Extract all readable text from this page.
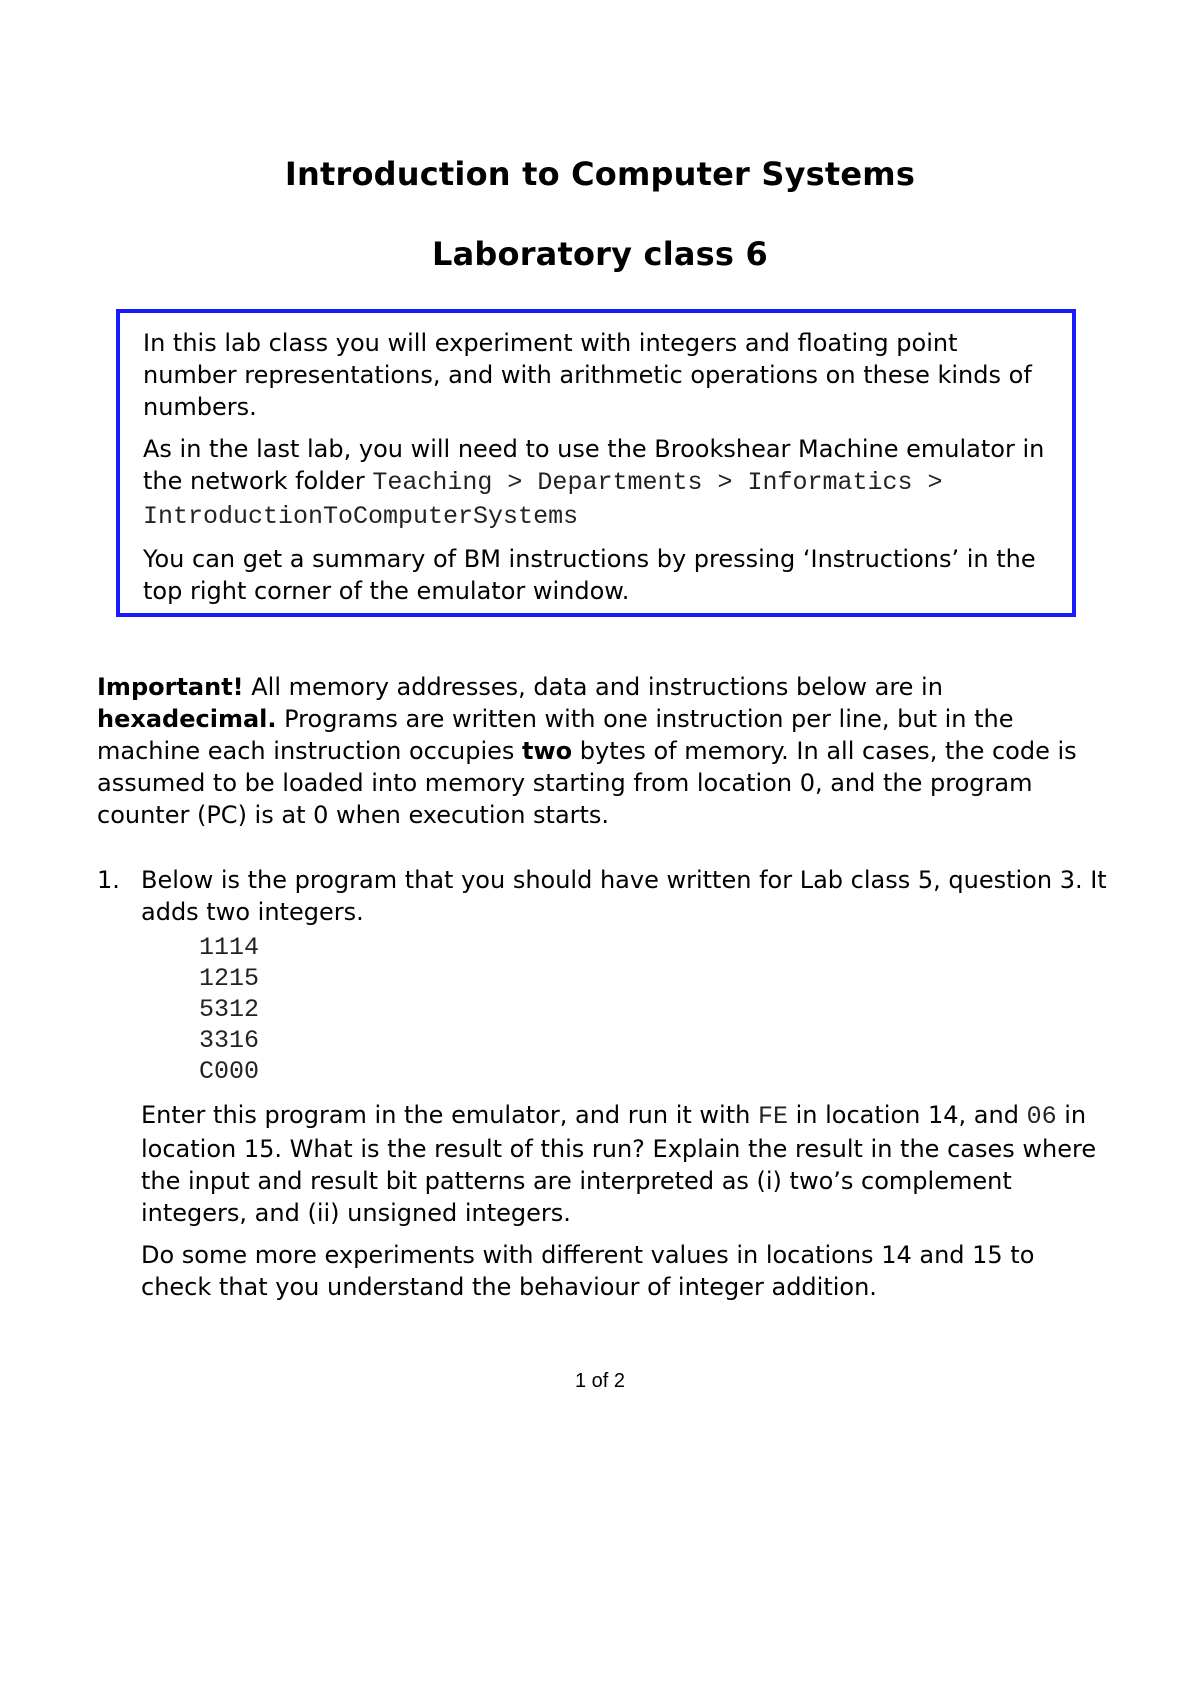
Introduction to Computer Systems
Laboratory class 6

In this lab class you will experiment with integers and floating point number representations, and with arithmetic operations on these kinds of numbers.

As in the last lab, you will need to use the Brookshear Machine emulator in the network folder Teaching > Departments > Informatics > IntroductionToComputerSystems

You can get a summary of BM instructions by pressing ‘Instructions’ in the top right corner of the emulator window.

Important! All memory addresses, data and instructions below are in hexadecimal. Programs are written with one instruction per line, but in the machine each instruction occupies two bytes of memory. In all cases, the code is assumed to be loaded into memory starting from location 0, and the program counter (PC) is at 0 when execution starts.

1. Below is the program that you should have written for Lab class 5, question 3. It adds two integers.

1114
1215
5312
3316
C000

Enter this program in the emulator, and run it with FE in location 14, and 06 in location 15. What is the result of this run? Explain the result in the cases where the input and result bit patterns are interpreted as (i) two’s complement integers, and (ii) unsigned integers.

Do some more experiments with different values in locations 14 and 15 to check that you understand the behaviour of integer addition.

1 of 2
